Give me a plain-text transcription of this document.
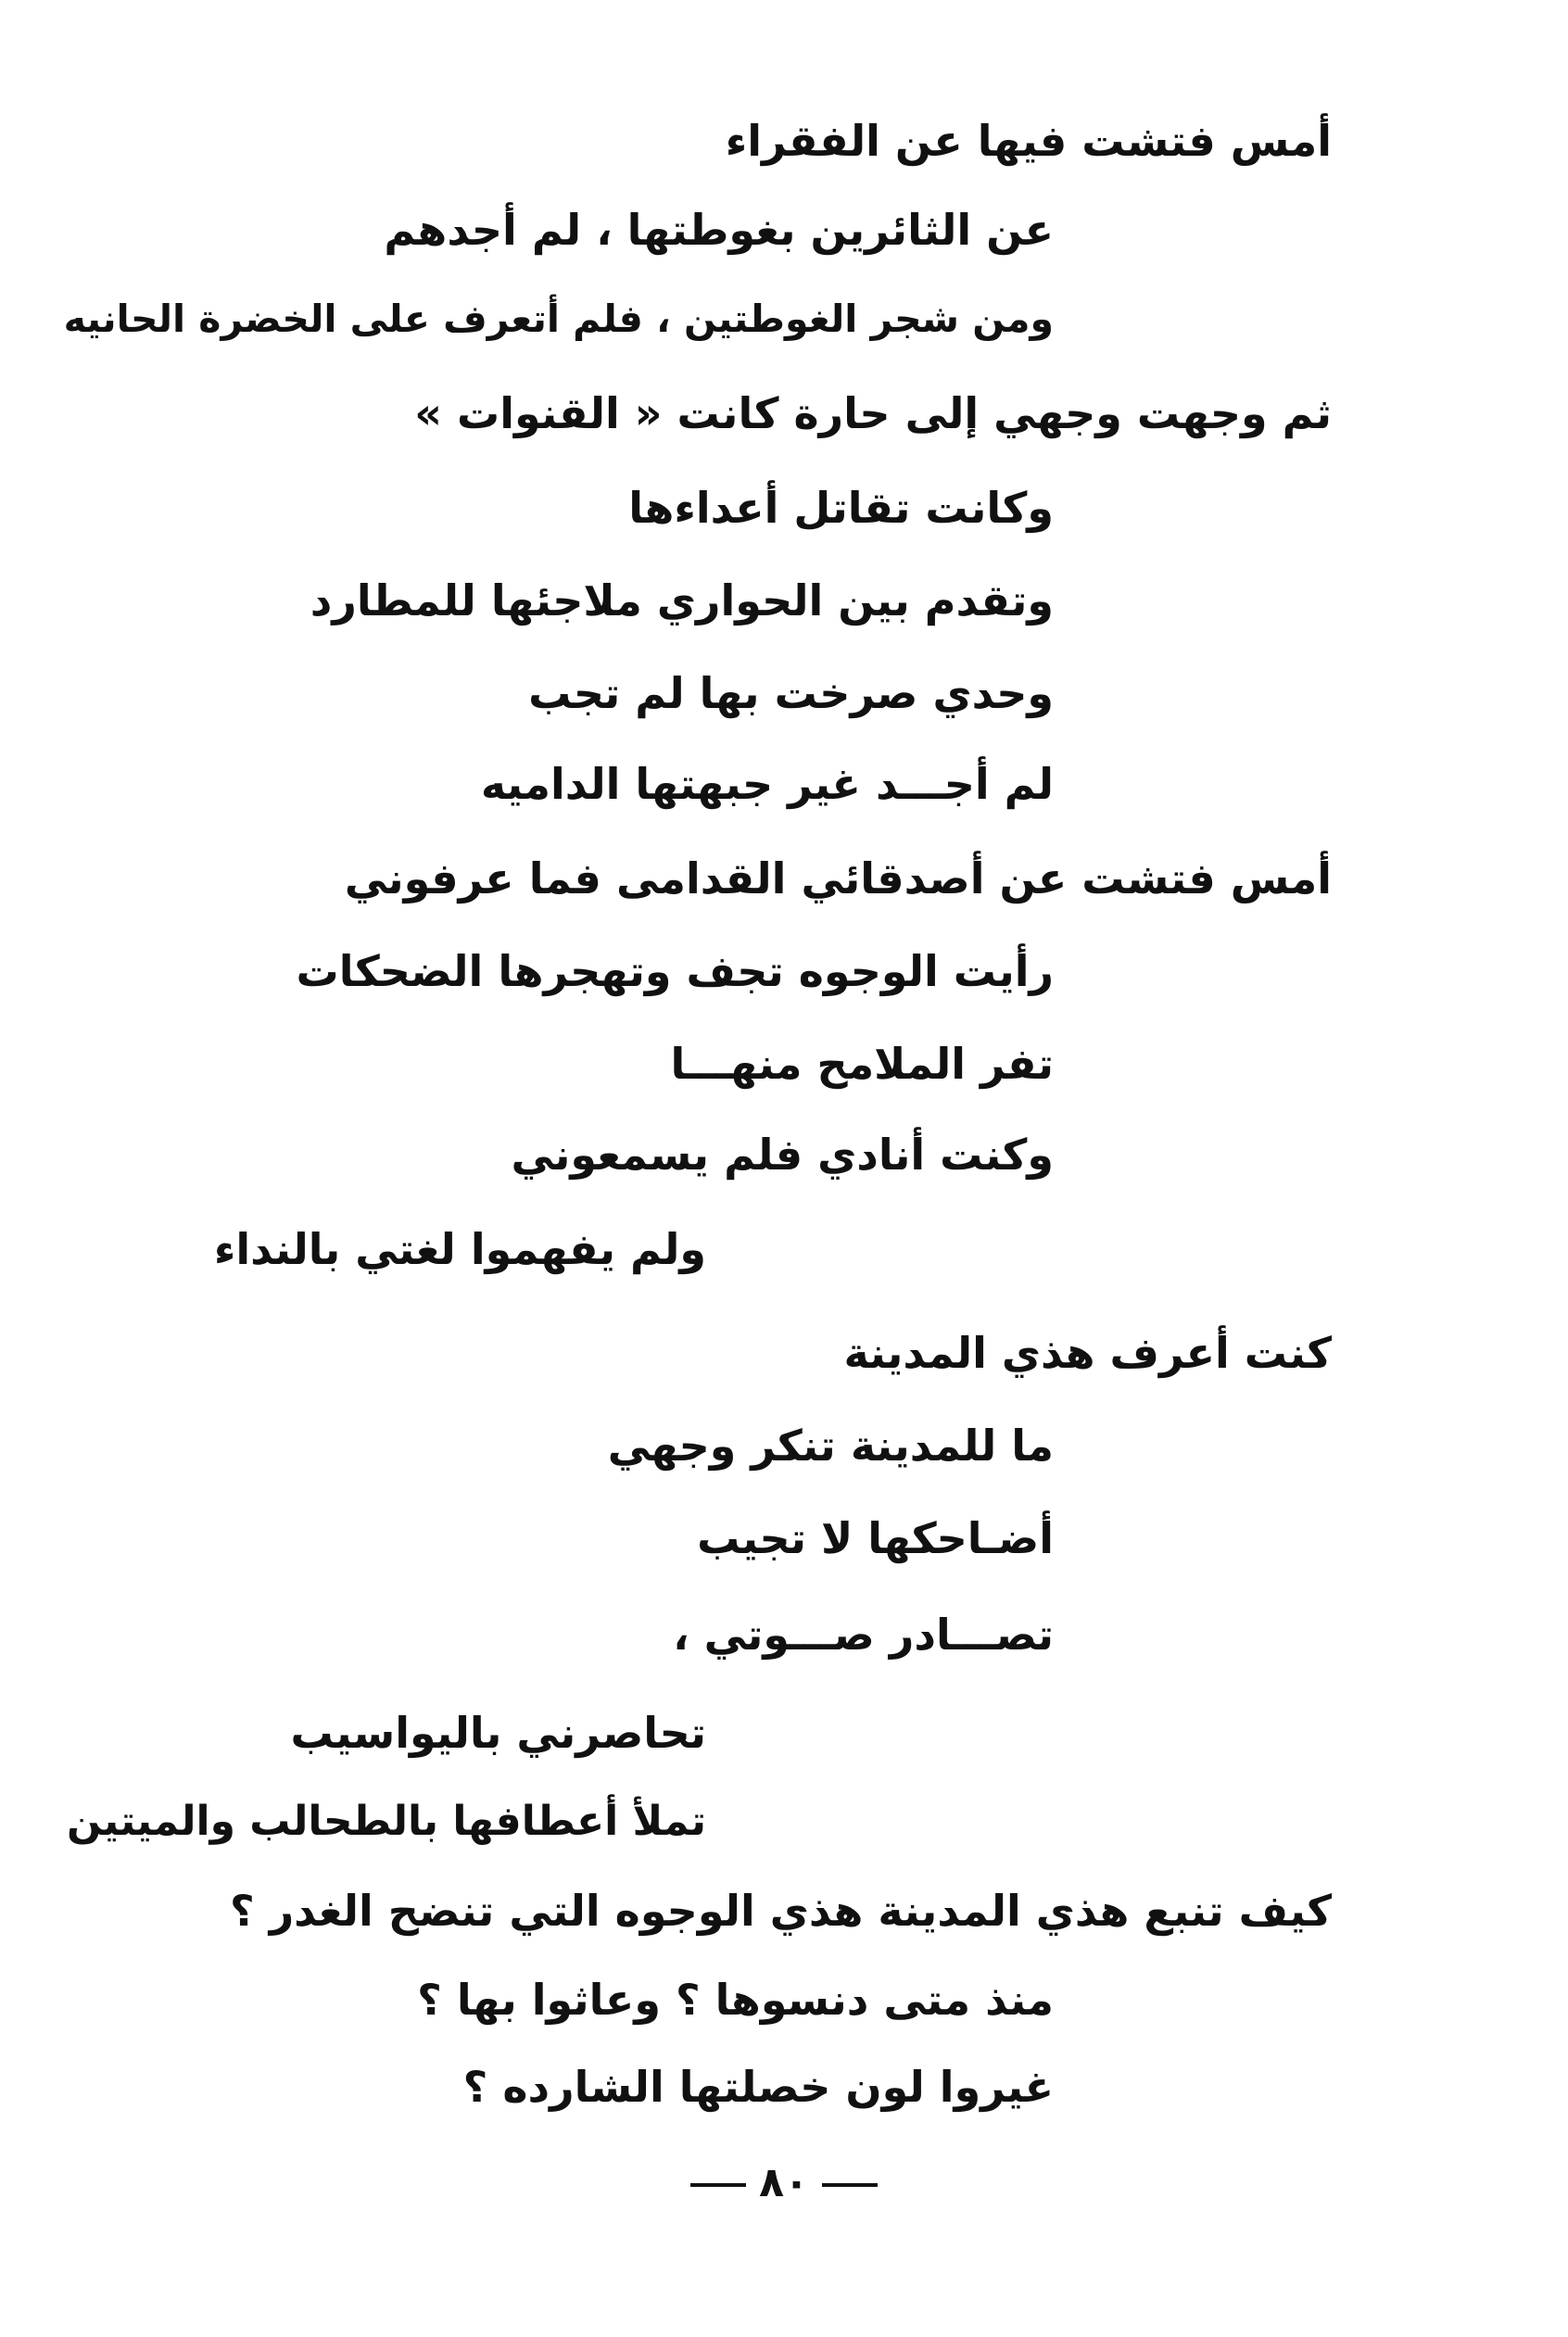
أمس فتشت فيها عن الفقراء
عن الثائرين بغوطتها ، لم أجدهم
ومن شجر الغوطتين ، فلم أتعرف على الخضرة الحانيه
ثم وجهت وجهي إلى حارة كانت « القنوات »
وكانت تقاتل أعداءها
وتقدم بين الحواري ملاجئها للمطارد
وحدي صرخت بها لم تجب
لم أجـــد غير جبهتها الداميه
أمس فتشت عن أصدقائي القدامى فما عرفوني
رأيت الوجوه تجف وتهجرها الضحكات
تفر الملامح منهـــا
وكنت أنادي فلم يسمعوني
ولم يفهموا لغتي بالنداء
كنت أعرف هذي المدينة
ما للمدينة تنكر وجهي
أضـاحكها لا تجيب
تصـــادر صـــوتي ،
تحاصرني باليواسيب
تملأ أعطافها بالطحالب والميتين
كيف تنبع هذي المدينة هذي الوجوه التي تنضح الغدر ؟
منذ متى دنسوها ؟ وعاثوا بها ؟
غيروا لون خصلتها الشارده ؟
٨٠
